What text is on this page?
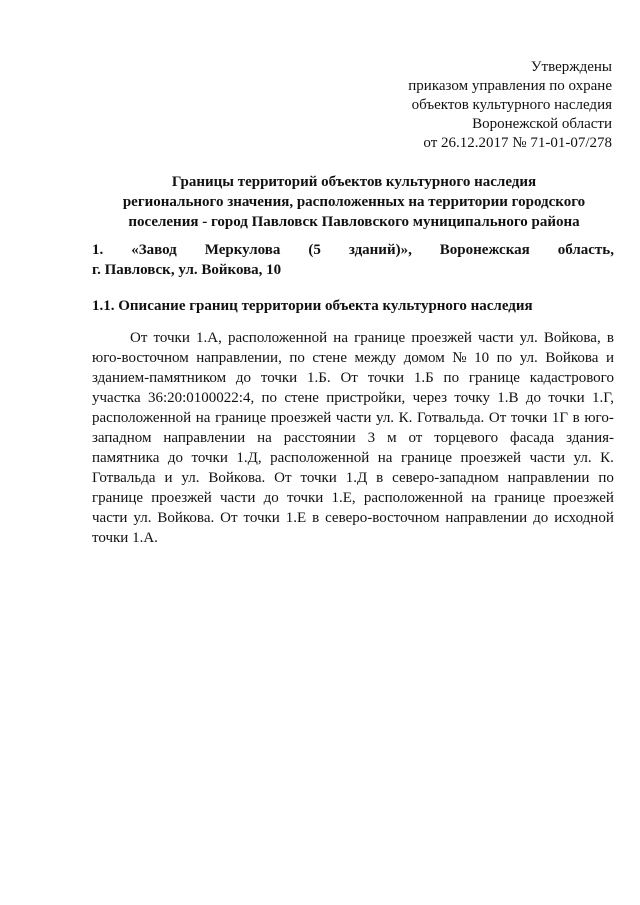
Утверждены
приказом управления по охране
объектов культурного наследия
Воронежской области
от 26.12.2017 № 71-01-07/278
Границы территорий объектов культурного наследия
регионального значения, расположенных на территории городского
поселения - город Павловск Павловского муниципального района
1. «Завод Меркулова (5 зданий)», Воронежская область,
г. Павловск, ул. Войкова, 10
1.1. Описание границ территории объекта культурного наследия
От точки 1.А, расположенной на границе проезжей части ул. Войкова, в
юго-восточном направлении, по стене между домом № 10 по ул. Войкова и
зданием-памятником до точки 1.Б. От точки 1.Б по границе кадастрового
участка 36:20:0100022:4, по стене пристройки, через точку 1.В до точки 1.Г,
расположенной на границе проезжей части ул. К. Готвальда. От точки 1Г в юго-
западном направлении на расстоянии 3 м от торцевого фасада здания-
памятника до точки 1.Д, расположенной на границе проезжей части ул. К.
Готвальда и ул. Войкова. От точки 1.Д в северо-западном направлении по
границе проезжей части до точки 1.Е, расположенной на границе проезжей
части ул. Войкова. От точки 1.Е в северо-восточном направлении до исходной
точки 1.А.
